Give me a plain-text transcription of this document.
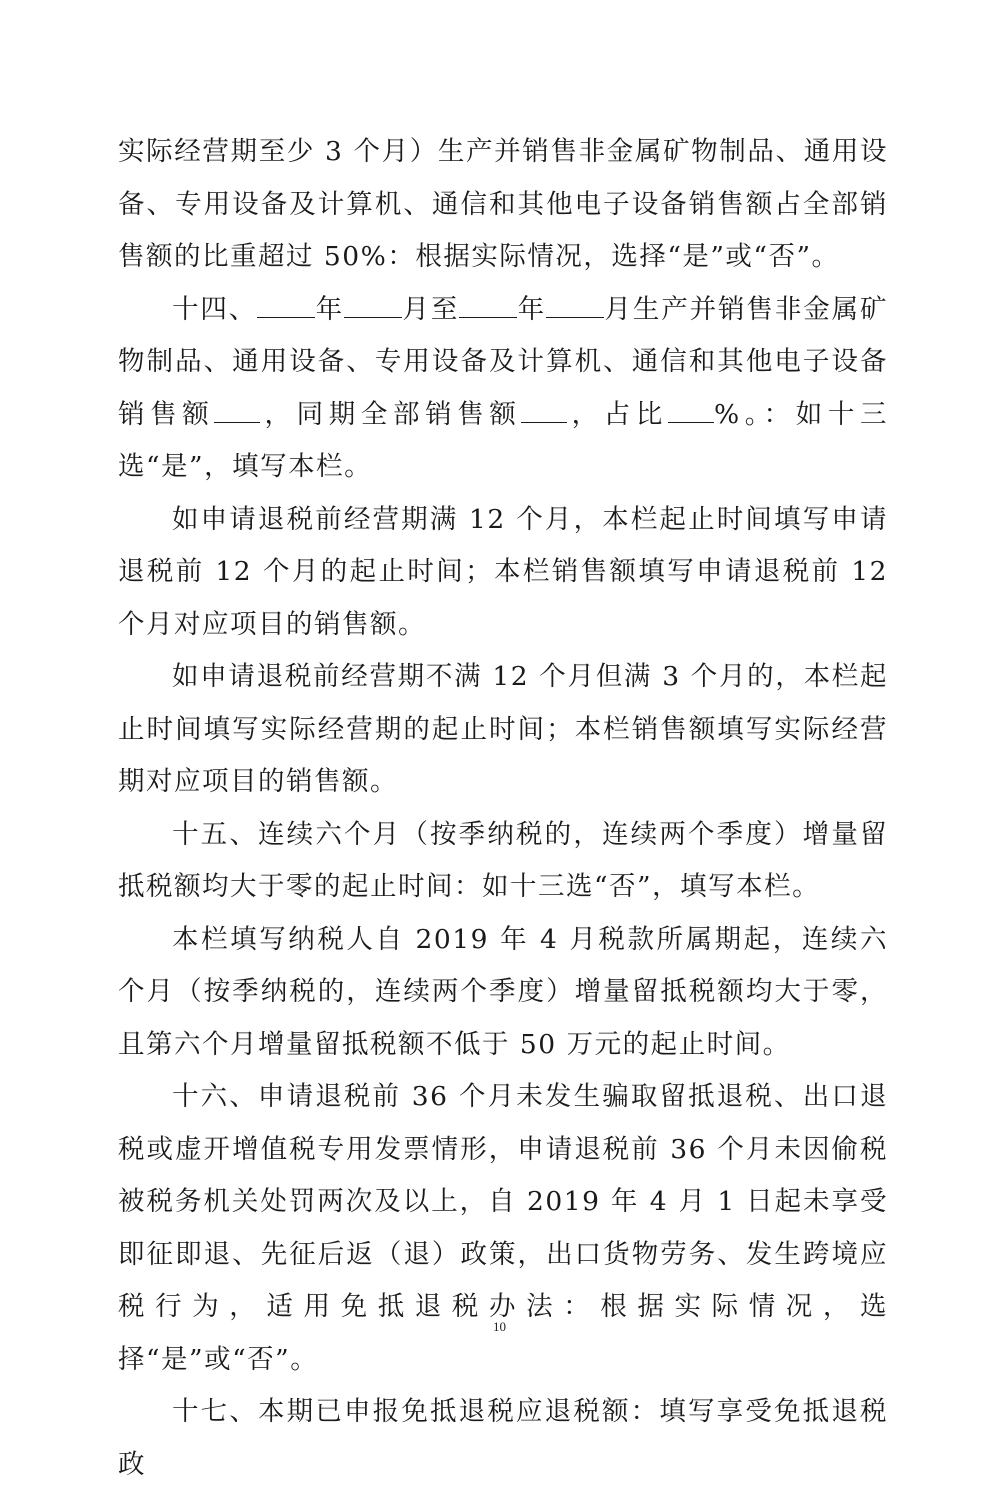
实际经营期至少 3 个月）生产并销售非金属矿物制品、通用设备、专用设备及计算机、通信和其他电子设备销售额占全部销售额的比重超过 50%：根据实际情况，选择“是”或“否”。

十四、 年 月至 年 月生产并销售非金属矿物制品、通用设备、专用设备及计算机、通信和其他电子设备销售额 ，同期全部销售额 ，占比 %。：如十三选“是”，填写本栏。

如申请退税前经营期满 12 个月，本栏起止时间填写申请退税前 12 个月的起止时间；本栏销售额填写申请退税前 12 个月对应项目的销售额。

如申请退税前经营期不满 12 个月但满 3 个月的，本栏起止时间填写实际经营期的起止时间；本栏销售额填写实际经营期对应项目的销售额。

十五、连续六个月（按季纳税的，连续两个季度）增量留抵税额均大于零的起止时间：如十三选“否”，填写本栏。

本栏填写纳税人自 2019 年 4 月税款所属期起，连续六个月（按季纳税的，连续两个季度）增量留抵税额均大于零，且第六个月增量留抵税额不低于 50 万元的起止时间。

十六、申请退税前 36 个月未发生骗取留抵退税、出口退税或虚开增值税专用发票情形，申请退税前 36 个月未因偷税被税务机关处罚两次及以上，自 2019 年 4 月 1 日起未享受即征即退、先征后返（退）政策，出口货物劳务、发生跨境应税行为，适用免抵退税办法：根据实际情况，选择“是”或“否”。

十七、本期已申报免抵退税应退税额：填写享受免抵退税政

10
